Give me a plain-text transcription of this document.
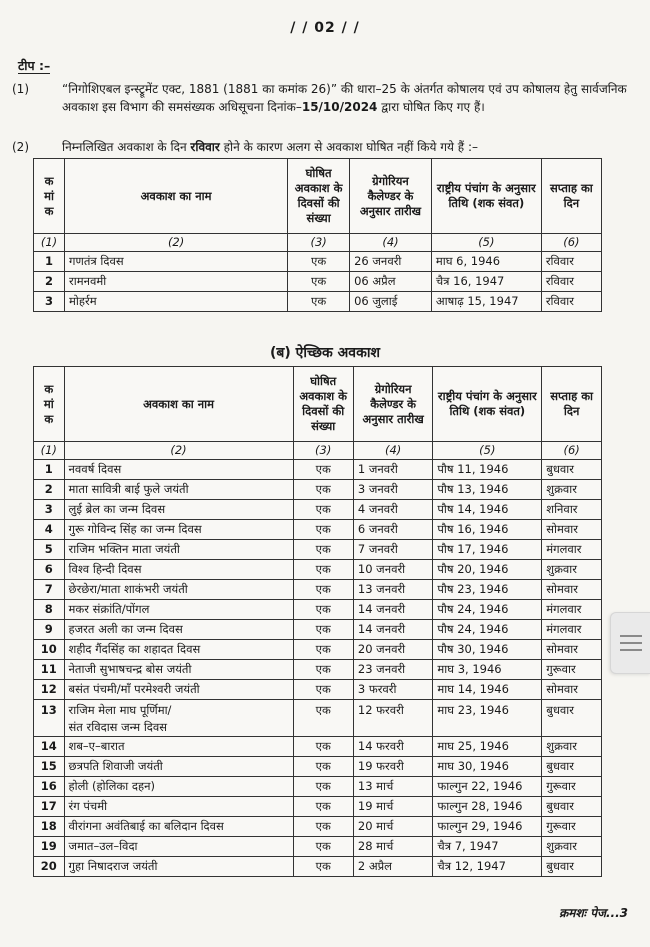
/ / 02 / /
टीप :–
(1)	“निगोशिएबल इन्स्ट्रूमेंट एक्ट, 1881 (1881 का कमांक 26)” की धारा–25 के अंतर्गत कोषालय एवं उप कोषालय हेतु सार्वजनिक अवकाश इस विभाग की समसंख्यक अधिसूचना दिनांक–15/10/2024 द्वारा घोषित किए गए हैं।
(2)	निम्नलिखित अवकाश के दिन रविवार होने के कारण अलग से अवकाश घोषित नहीं किये गये हैं :–
क मां क	अवकाश का नाम	घोषित अवकाश के दिवसों की संख्या	ग्रेगोरियन कैलेण्डर के अनुसार तारीख	राष्ट्रीय पंचांग के अनुसार तिथि (शक संवत)	सप्ताह का दिन
(1)	(2)	(3)	(4)	(5)	(6)
1	गणतंत्र दिवस	एक	26 जनवरी	माघ 6, 1946	रविवार
2	रामनवमी	एक	06 अप्रैल	चैत्र 16, 1947	रविवार
3	मोहर्रम	एक	06 जुलाई	आषाढ़ 15, 1947	रविवार
(ब) ऐच्छिक अवकाश
क मां क	अवकाश का नाम	घोषित अवकाश के दिवसों की संख्या	ग्रेगोरियन कैलेण्डर के अनुसार तारीख	राष्ट्रीय पंचांग के अनुसार तिथि (शक संवत)	सप्ताह का दिन
(1)	(2)	(3)	(4)	(5)	(6)
1	नववर्ष दिवस	एक	1 जनवरी	पौष 11, 1946	बुधवार
2	माता सावित्री बाई फुले जयंती	एक	3 जनवरी	पौष 13, 1946	शुक्रवार
3	लुई ब्रेल का जन्म दिवस	एक	4 जनवरी	पौष 14, 1946	शनिवार
4	गुरू गोविन्द सिंह का जन्म दिवस	एक	6 जनवरी	पौष 16, 1946	सोमवार
5	राजिम भक्तिन माता जयंती	एक	7 जनवरी	पौष 17, 1946	मंगलवार
6	विश्व हिन्दी दिवस	एक	10 जनवरी	पौष 20, 1946	शुक्रवार
7	छेरछेरा/माता शाकंभरी जयंती	एक	13 जनवरी	पौष 23, 1946	सोमवार
8	मकर संक्रांति/पोंगल	एक	14 जनवरी	पौष 24, 1946	मंगलवार
9	हजरत अली का जन्म दिवस	एक	14 जनवरी	पौष 24, 1946	मंगलवार
10	शहीद गैंदसिंह का शहादत दिवस	एक	20 जनवरी	पौष 30, 1946	सोमवार
11	नेताजी सुभाषचन्द्र बोस जयंती	एक	23 जनवरी	माघ 3, 1946	गुरूवार
12	बसंत पंचमी/माँ परमेश्वरी जयंती	एक	3 फरवरी	माघ 14, 1946	सोमवार
13	राजिम मेला माघ पूर्णिमा/
संत रविदास जन्म दिवस	एक	12 फरवरी	माघ 23, 1946	बुधवार
14	शब–ए–बारात	एक	14 फरवरी	माघ 25, 1946	शुक्रवार
15	छत्रपति शिवाजी जयंती	एक	19 फरवरी	माघ 30, 1946	बुधवार
16	होली (होलिका दहन)	एक	13 मार्च	फाल्गुन 22, 1946	गुरूवार
17	रंग पंचमी	एक	19 मार्च	फाल्गुन 28, 1946	बुधवार
18	वीरांगना अवंतिबाई का बलिदान दिवस	एक	20 मार्च	फाल्गुन 29, 1946	गुरूवार
19	जमात–उल–विदा	एक	28 मार्च	चैत्र 7, 1947	शुक्रवार
20	गुहा निषादराज जयंती	एक	2 अप्रैल	चैत्र 12, 1947	बुधवार
क्रमशः पेज...3
